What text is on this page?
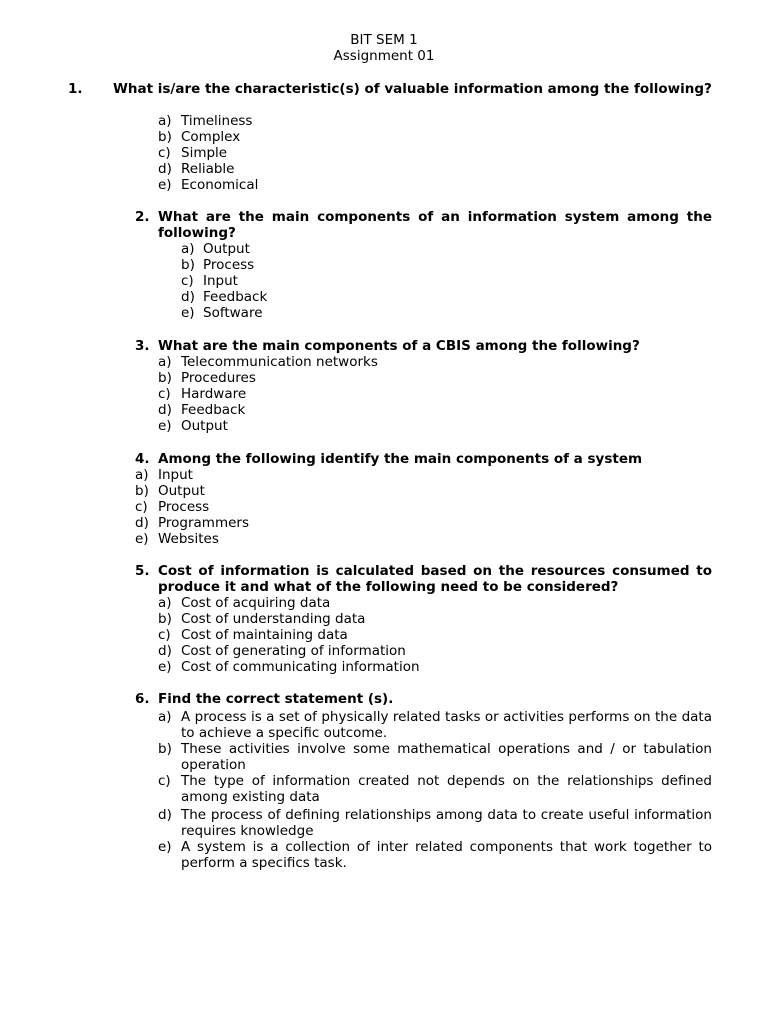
BIT SEM 1
Assignment 01
1. What is/are the characteristic(s) of valuable information among the following?
a) Timeliness
b) Complex
c) Simple
d) Reliable
e) Economical
2. What are the main components of an information system among the following?
a) Output
b) Process
c) Input
d) Feedback
e) Software
3. What are the main components of a CBIS among the following?
a) Telecommunication networks
b) Procedures
c) Hardware
d) Feedback
e) Output
4. Among the following identify the main components of a system
a) Input
b) Output
c) Process
d) Programmers
e) Websites
5. Cost of information is calculated based on the resources consumed to produce it and what of the following need to be considered?
a) Cost of acquiring data
b) Cost of understanding data
c) Cost of maintaining data
d) Cost of generating of information
e) Cost of communicating information
6. Find the correct statement (s).
a) A process is a set of physically related tasks or activities performs on the data to achieve a specific outcome.
b) These activities involve some mathematical operations and / or tabulation operation
c) The type of information created not depends on the relationships defined among existing data
d) The process of defining relationships among data to create useful information requires knowledge
e) A system is a collection of inter related components that work together to perform a specifics task.
